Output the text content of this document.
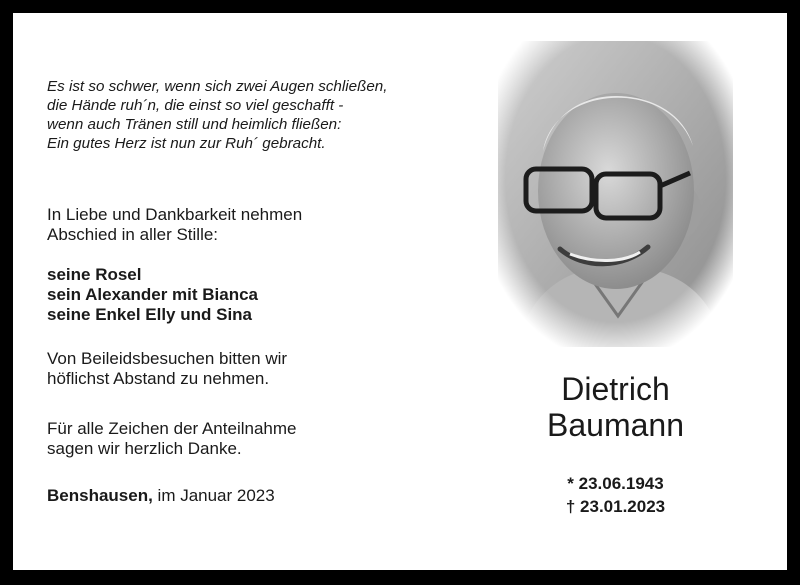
Es ist so schwer, wenn sich zwei Augen schließen,
die Hände ruh´n, die einst so viel geschafft -
wenn auch Tränen still und heimlich fließen:
Ein gutes Herz ist nun zur Ruh´ gebracht.
In Liebe und Dankbarkeit nehmen
Abschied in aller Stille:
seine Rosel
sein Alexander mit Bianca
seine Enkel Elly und Sina
Von Beileidsbesuchen bitten wir
höflichst Abstand zu nehmen.
Für alle Zeichen der Anteilnahme
sagen wir herzlich Danke.
Benshausen, im Januar 2023
Dietrich
Baumann
* 23.06.1943
† 23.01.2023
